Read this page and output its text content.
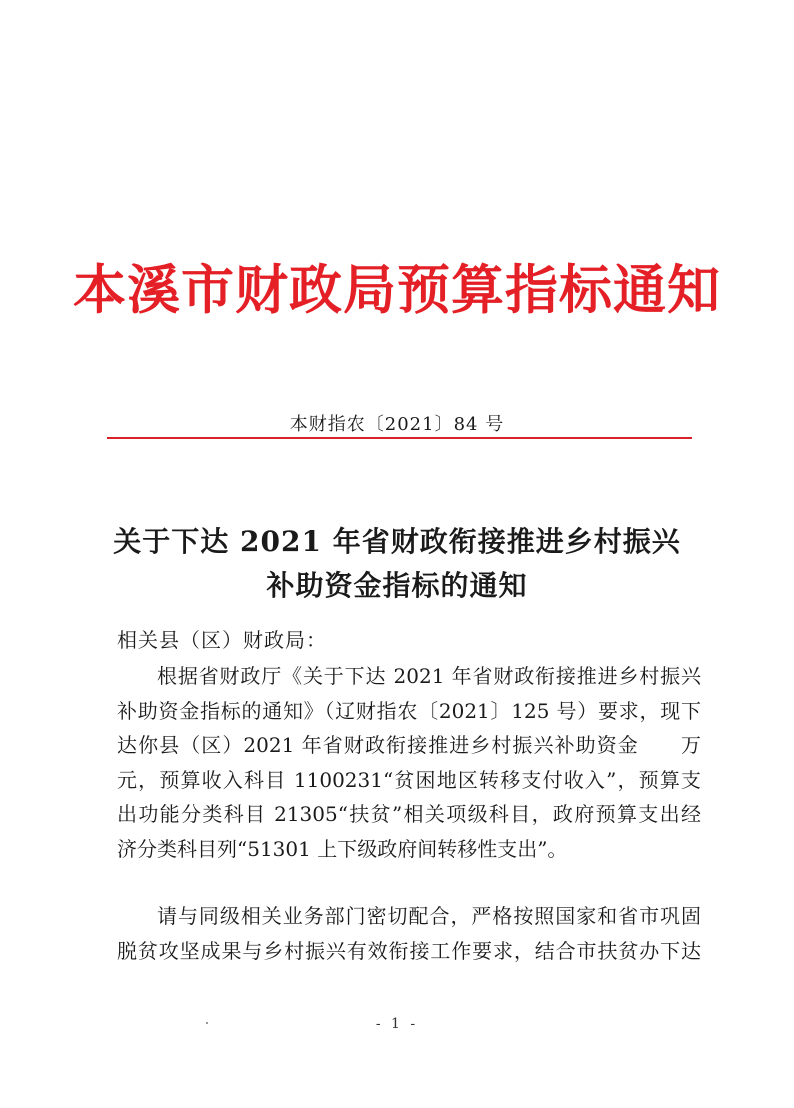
本溪市财政局预算指标通知
本财指农〔2021〕84 号
关于下达 2021 年省财政衔接推进乡村振兴
补助资金指标的通知
相关县（区）财政局：
根据省财政厅《关于下达 2021 年省财政衔接推进乡村振兴
补助资金指标的通知》（辽财指农〔2021〕125 号）要求，现下
达你县（区）2021 年省财政衔接推进乡村振兴补助资金　　万
元，预算收入科目 1100231“贫困地区转移支付收入”，预算支
出功能分类科目 21305“扶贫”相关项级科目，政府预算支出经
济分类科目列“51301 上下级政府间转移性支出”。
请与同级相关业务部门密切配合，严格按照国家和省市巩固
脱贫攻坚成果与乡村振兴有效衔接工作要求，结合市扶贫办下达
- 1 -
